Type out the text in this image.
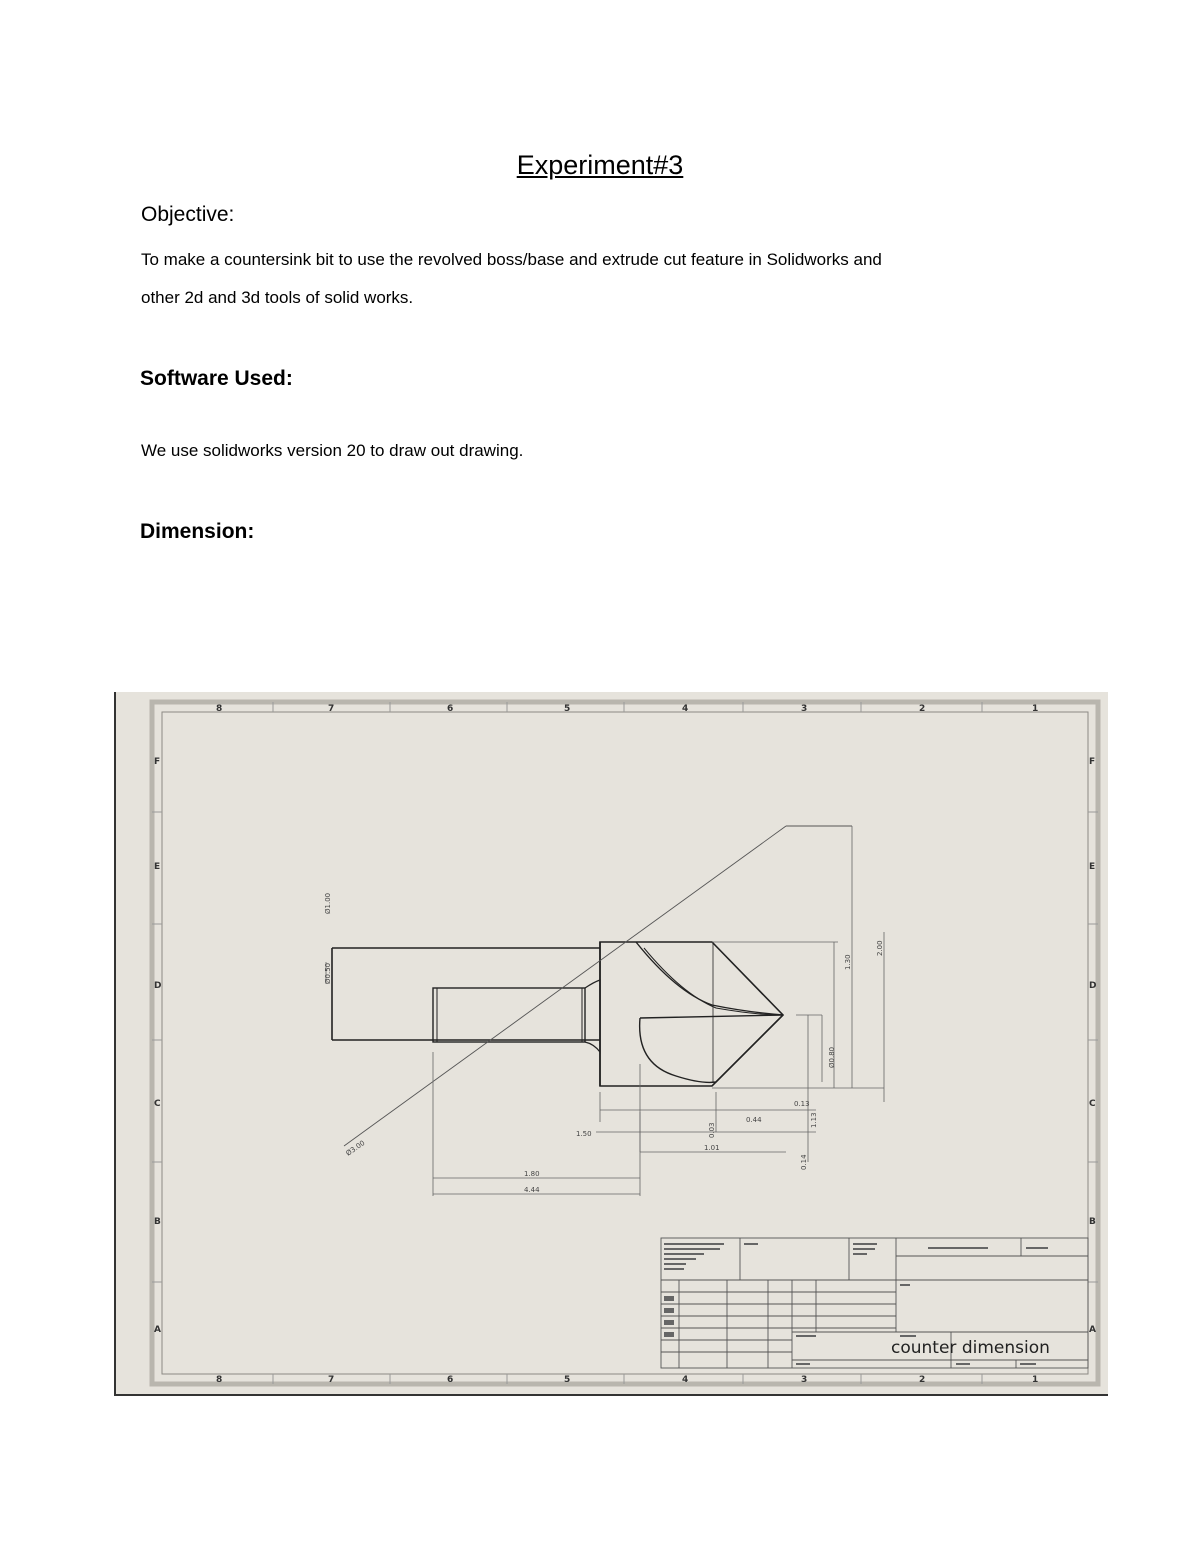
Experiment#3
Objective:
To make a countersink bit to use the revolved boss/base and extrude cut feature in Solidworks and
other 2d and 3d tools of solid works.
Software Used:
We use solidworks version 20 to draw out drawing.
Dimension:
8	7	6	5	4	3	2	1
8	7	6	5	4	3	2	1
F
E
D
C
B
A
F
E
D
C
B
A
Ø1.00
Ø0.50
2.00
1.30
Ø0.80
Ø3.00
1.80
4.44
0.03
0.44
1.01
1.50
0.13
1.13
0.14
counter dimension
